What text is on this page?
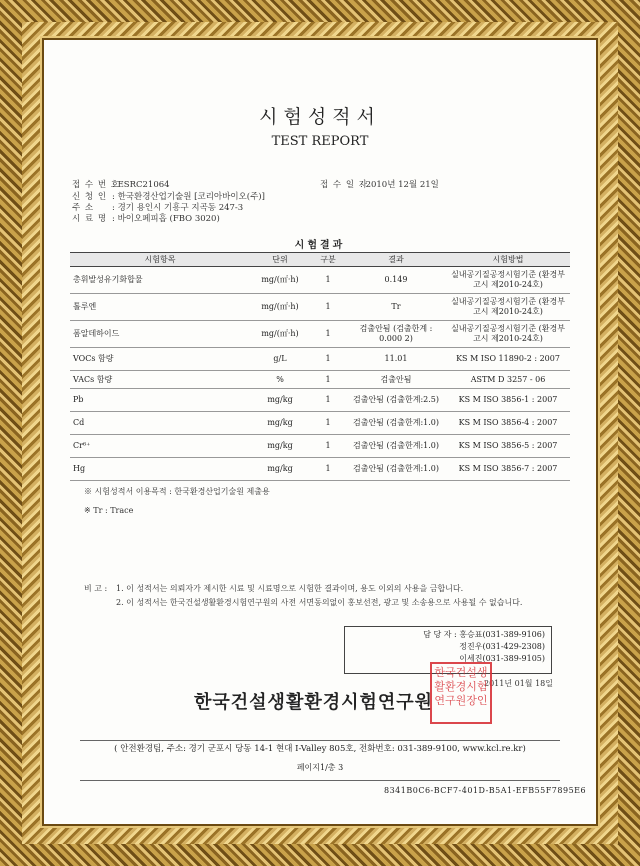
시험성적서
TEST REPORT
접 수 번 호: ESRC21064	접 수 일 자: 2010년 12월 21일
신 청 인 : 한국환경산업기술원 [코리아바이오(주)]
주 소 : 경기 용인시 기흥구 지곡동 247-3
시 료 명 : 바이오페피흡 (FBO 3020)
시험결과
시험항목	단위	구분	결과	시험방법
총휘발성유기화합물	mg/(㎡·h)	1	0.149	실내공기질공정시험기준 (환경부고시 제2010-24호)
톨루엔	mg/(㎡·h)	1	Tr	실내공기질공정시험기준 (환경부고시 제2010-24호)
폼알데하이드	mg/(㎡·h)	1	검출안됨 (검출한계 : 0.000 2)	실내공기질공정시험기준 (환경부고시 제2010-24호)
VOCs 함량	g/L	1	11.01	KS M ISO 11890-2 : 2007
VACs 함량	%	1	검출안됨	ASTM D 3257 - 06
Pb	mg/kg	1	검출안됨 (검출한계:2.5)	KS M ISO 3856-1 : 2007
Cd	mg/kg	1	검출안됨 (검출한계:1.0)	KS M ISO 3856-4 : 2007
Cr⁶⁺	mg/kg	1	검출안됨 (검출한계:1.0)	KS M ISO 3856-5 : 2007
Hg	mg/kg	1	검출안됨 (검출한계:1.0)	KS M ISO 3856-7 : 2007
※ 시험성적서 이용목적 : 한국환경산업기술원 제출용
※ Tr : Trace
비 고 : 1. 이 성적서는 의뢰자가 제시한 시료 및 시료명으로 시험한 결과이며, 용도 이외의 사용을 금합니다.
2. 이 성적서는 한국건설생활환경시험연구원의 사전 서면동의없이 홍보선전, 광고 및 소송용으로 사용될 수 없습니다.
담 당 자 : 홍승표(031-389-9106)
정진우(031-429-2308)
이세진(031-389-9105)
2011년 01월 18일
한국건설생활환경시험연구원
한국건설생활환경시험연구원장인
( 안전환경팀, 주소: 경기 군포시 당동 14-1 현대 I-Valley 805호, 전화번호: 031-389-9100, www.kcl.re.kr)
페이지1/총 3
8341B0C6-BCF7-401D-B5A1-EFB55F7895E6
